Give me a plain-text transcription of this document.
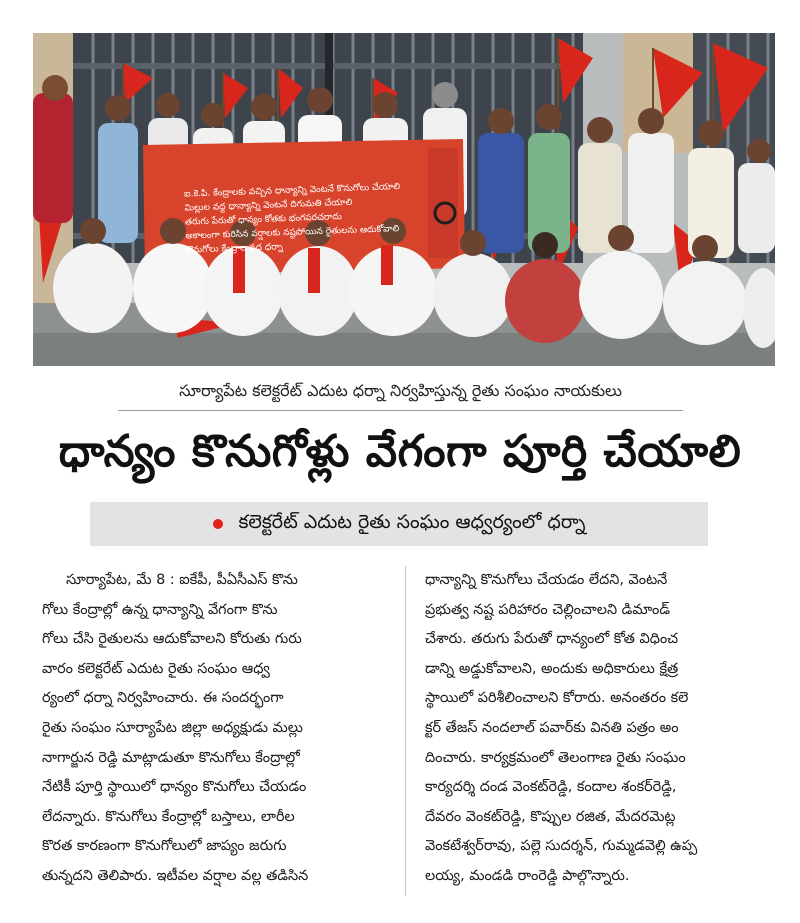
ఐ.కె.పి. కేంద్రాలకు వచ్చిన ధాన్యాన్ని వెంటనే కొనుగోలు చేయాలి
మిల్లుల వద్ద ధాన్యాన్ని వెంటనే దిగుమతి చేయాలి
తరుగు పేరుతో ధాన్యం కోతకు భంగపరచరాదు
అకాలంగా కురిసిన వర్షాలకు నష్టపోయిన రైతులను ఆదుకోవాలి
కొనుగోలు కేంద్రాల వద్ద ధర్నా
సూర్యాపేట కలెక్టరేట్ ఎదుట ధర్నా నిర్వహిస్తున్న రైతు సంఘం నాయకులు
ధాన్యం కొనుగోళ్లు వేగంగా పూర్తి చేయాలి
కలెక్టరేట్ ఎదుట రైతు సంఘం ఆధ్వర్యంలో ధర్నా
సూర్యాపేట, మే 8 : ఐకేపీ, పీఏసీఎస్ కొను
గోలు కేంద్రాల్లో ఉన్న ధాన్యాన్ని వేగంగా కొను
గోలు చేసి రైతులను ఆదుకోవాలని కోరుతు గురు
వారం కలెక్టరేట్ ఎదుట రైతు సంఘం ఆధ్వ
ర్యంలో ధర్నా నిర్వహించారు. ఈ సందర్భంగా
రైతు సంఘం సూర్యాపేట జిల్లా అధ్యక్షుడు మల్లు
నాగార్జున రెడ్డి మాట్లాడుతూ కొనుగోలు కేంద్రాల్లో
నేటికీ పూర్తి స్థాయిలో ధాన్యం కొనుగోలు చేయడం
లేదన్నారు. కొనుగోలు కేంద్రాల్లో బస్తాలు, లారీల
కొరత కారణంగా కొనుగోలులో జాప్యం జరుగు
తున్నదని తెలిపారు. ఇటీవల వర్షాల వల్ల తడిసిన
ధాన్యాన్ని కొనుగోలు చేయడం లేదని, వెంటనే
ప్రభుత్వ నష్ట పరిహారం చెల్లించాలని డిమాండ్
చేశారు. తరుగు పేరుతో ధాన్యంలో కోత విధించ
డాన్ని అడ్డుకోవాలని, అందుకు అధికారులు క్షేత్ర
స్థాయిలో పరిశీలించాలని కోరారు. అనంతరం కలె
క్టర్ తేజస్ నందలాల్ పవార్‌కు వినతి పత్రం అం
దించారు. కార్యక్రమంలో తెలంగాణ రైతు సంఘం
కార్యదర్శి దండ వెంకట్‌రెడ్డి, కందాల శంకర్‌రెడ్డి,
దేవరం వెంకట్‌రెడ్డి, కొప్పుల రజిత, మేదరమెట్ల
వెంకటేశ్వర్‌రావు, పల్లె సుదర్శన్, గుమ్మడవెల్లి ఉప్ప
లయ్య, మండడి రాంరెడ్డి పాల్గొన్నారు.
